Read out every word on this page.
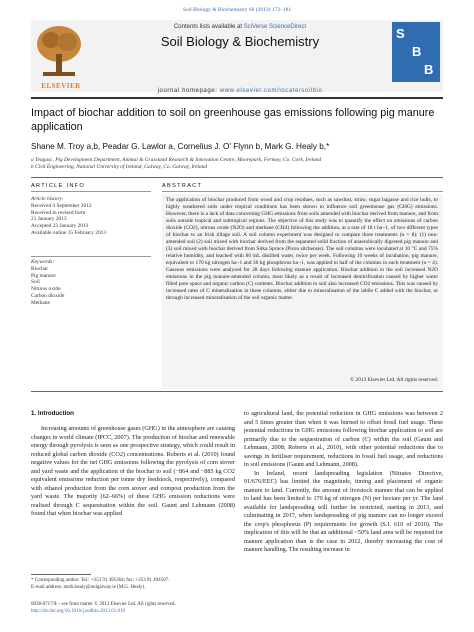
Soil Biology & Biochemistry 60 (2013) 173–181
ELSEVIER
Contents lists available at SciVerse ScienceDirect
Soil Biology & Biochemistry
journal homepage: www.elsevier.com/locate/soilbio
S
B
B
Impact of biochar addition to soil on greenhouse gas emissions following pig manure application
Shane M. Troy a,b, Peadar G. Lawlor a, Cornelius J. O' Flynn b, Mark G. Healy b,*
a Teagasc, Pig Development Department, Animal & Grassland Research & Innovation Centre, Moorepark, Fermoy, Co. Cork, Ireland
b Civil Engineering, National University of Ireland, Galway, Co. Galway, Ireland
ARTICLE INFO	ABSTRACT
Article history:
Received 4 September 2012
Received in revised form
21 January 2013
Accepted 23 January 2013
Available online 15 February 2013
Keywords:
Biochar
Pig manure
Soil
Nitrous oxide
Carbon dioxide
Methane
The application of biochar produced from wood and crop residues, such as sawdust, straw, sugar bagasse and rice hulls, to highly weathered soils under tropical conditions has been shown to influence soil greenhouse gas (GHG) emissions. However, there is a lack of data concerning GHG emissions from soils amended with biochar derived from manure, and from soils outside tropical and subtropical regions. The objective of this study was to quantify the effect on emissions of carbon dioxide (CO2), nitrous oxide (N2O) and methane (CH4) following the addition, at a rate of 18 t ha−1, of two different types of biochar to an Irish tillage soil. A soil column experiment was designed to compare three treatments (n = 8): (1) non-amended soil (2) soil mixed with biochar derived from the separated solid fraction of anaerobically digested pig manure and (3) soil mixed with biochar derived from Sitka Spruce (Picea sitchensis). The soil columns were incubated at 10 °C and 75% relative humidity, and leached with 80 mL distilled water, twice per week. Following 10 weeks of incubation, pig manure, equivalent to 170 kg nitrogen ha−1 and 36 kg phosphorus ha−1, was applied to half of the columns in each treatment (n = 4). Gaseous emissions were analysed for 28 days following manure application. Biochar addition to the soil increased N2O emissions in the pig manure-amended column, most likely as a result of increased denitrification caused by higher water filled pore space and organic carbon (C) contents. Biochar addition to soil also increased CO2 emissions. This was caused by increased rates of C mineralisation in these columns, either due to mineralisation of the labile C added with the biochar, or through increased mineralisation of the soil organic matter.
© 2013 Elsevier Ltd. All rights reserved.
1. Introduction

Increasing amounts of greenhouse gases (GHG) in the atmosphere are causing changes in world climate (IPCC, 2007). The production of biochar and renewable energy through pyrolysis is seen as one prospective strategy, which could result in reduced global carbon dioxide (CO2) concentrations. Roberts et al. (2010) found negative values for the net GHG emissions following the pyrolysis of corn stover and yard waste and the application of the biochar to soil (−864 and −885 kg CO2 equivalent emissions reduction per tonne dry feedstock, respectively), compared with ethanol production from the corn stover and compost production from the yard waste. The majority (62–66%) of these GHG emission reductions were realised through C sequestration within the soil. Gaunt and Lehmann (2008) found that when biochar was applied

to agricultural land, the potential reduction in GHG emissions was between 2 and 5 times greater than when it was burned to offset fossil fuel usage. These potential reductions in GHG emissions following biochar application to soil are primarily due to the sequestration of carbon (C) within the soil (Gaunt and Lehmann, 2008; Roberts et al., 2010), with other potential reductions due to savings in fertiliser requirement, reductions in fossil fuel usage, and reductions in soil emissions (Gaunt and Lehmann, 2008).

In Ireland, recent landspreading legislation (Nitrates Directive, 91/676/EEC) has limited the magnitude, timing and placement of organic manure to land. Currently, the amount of livestock manure that can be applied to land has been limited to 170 kg of nitrogen (N) per hectare per yr. The land available for landspreading will further be restricted, starting in 2013, and culminating in 2017, when landspreading of pig manure can no longer exceed the crop's phosphorus (P) requirements for growth (S.I. 610 of 2010). The implication of this will be that an additional ~50% land area will be required for manure application than is the case in 2012, thereby increasing the cost of manure handling. The resulting increase in

* Corresponding author. Tel.: +353 91 495364; fax: +353 91 494507.
E-mail address: mark.healy@nuigalway.ie (M.G. Healy).
0038-0717/$ – see front matter © 2013 Elsevier Ltd. All rights reserved.
http://dx.doi.org/10.1016/j.soilbio.2013.01.019
